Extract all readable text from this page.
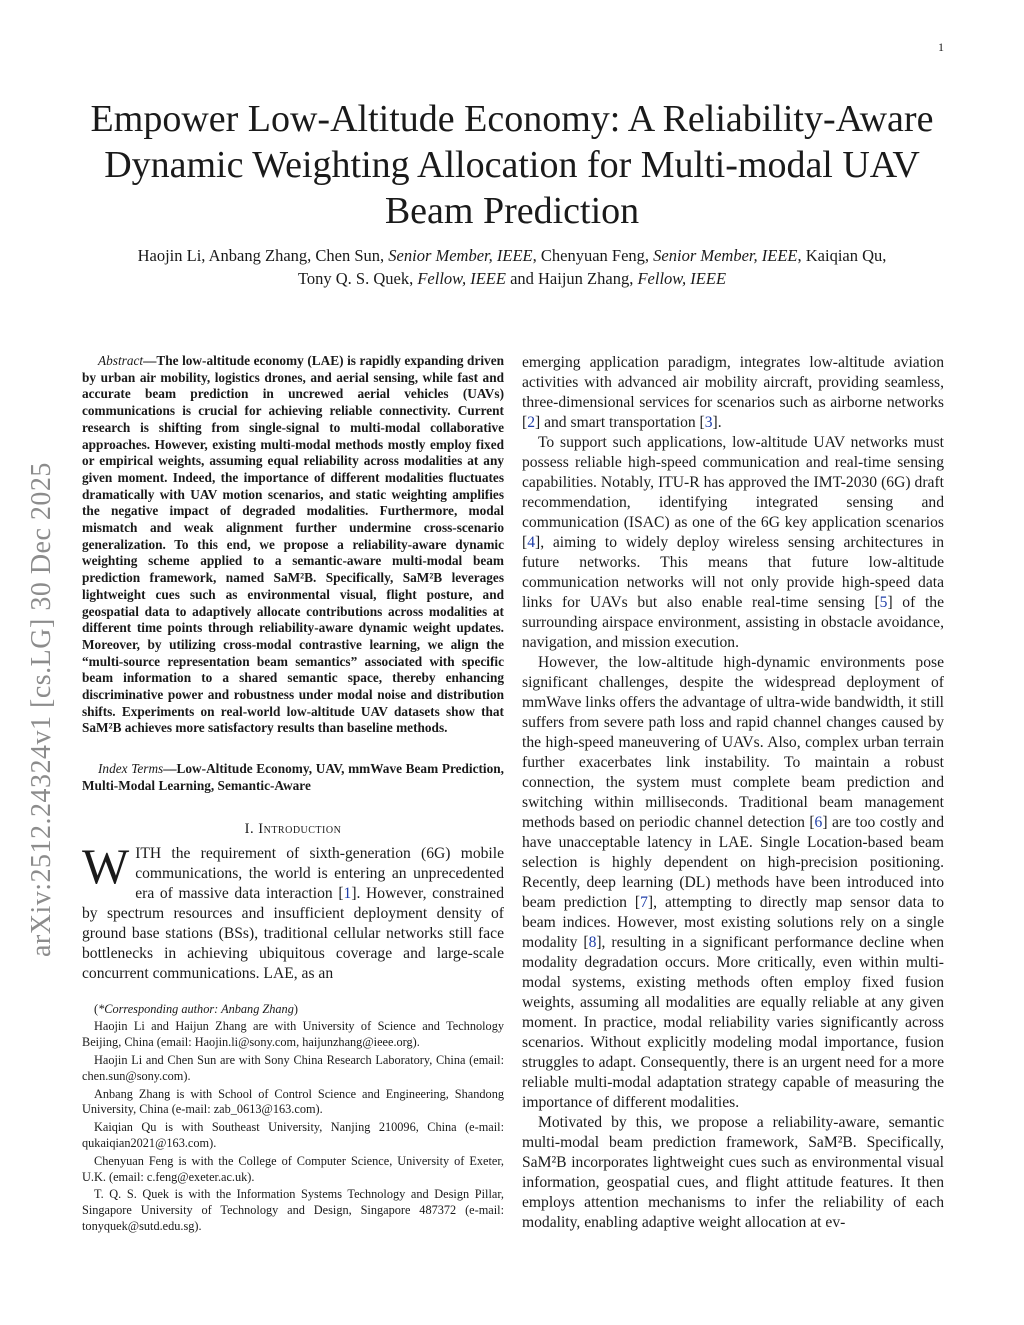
1
arXiv:2512.24324v1 [cs.LG] 30 Dec 2025
Empower Low-Altitude Economy: A Reliability-Aware Dynamic Weighting Allocation for Multi-modal UAV Beam Prediction
Haojin Li, Anbang Zhang, Chen Sun, Senior Member, IEEE, Chenyuan Feng, Senior Member, IEEE, Kaiqian Qu,
Tony Q. S. Quek, Fellow, IEEE and Haijun Zhang, Fellow, IEEE

Abstract—The low-altitude economy (LAE) is rapidly expanding driven by urban air mobility, logistics drones, and aerial sensing, while fast and accurate beam prediction in uncrewed aerial vehicles (UAVs) communications is crucial for achieving reliable connectivity. Current research is shifting from single-signal to multi-modal collaborative approaches. However, existing multi-modal methods mostly employ fixed or empirical weights, assuming equal reliability across modalities at any given moment. Indeed, the importance of different modalities fluctuates dramatically with UAV motion scenarios, and static weighting amplifies the negative impact of degraded modalities. Furthermore, modal mismatch and weak alignment further undermine cross-scenario generalization. To this end, we propose a reliability-aware dynamic weighting scheme applied to a semantic-aware multi-modal beam prediction framework, named SaM²B. Specifically, SaM²B leverages lightweight cues such as environmental visual, flight posture, and geospatial data to adaptively allocate contributions across modalities at different time points through reliability-aware dynamic weight updates. Moreover, by utilizing cross-modal contrastive learning, we align the “multi-source representation beam semantics” associated with specific beam information to a shared semantic space, thereby enhancing discriminative power and robustness under modal noise and distribution shifts. Experiments on real-world low-altitude UAV datasets show that SaM²B achieves more satisfactory results than baseline methods.

Index Terms—Low-Altitude Economy, UAV, mmWave Beam Prediction, Multi-Modal Learning, Semantic-Aware

I. Introduction

WITH the requirement of sixth-generation (6G) mobile communications, the world is entering an unprecedented era of massive data interaction [1]. However, constrained by spectrum resources and insufficient deployment density of ground base stations (BSs), traditional cellular networks still face bottlenecks in achieving ubiquitous coverage and large-scale concurrent communications. LAE, as an

(*Corresponding author: Anbang Zhang)

Haojin Li and Haijun Zhang are with University of Science and Technology Beijing, China (email: Haojin.li@sony.com, haijunzhang@ieee.org).

Haojin Li and Chen Sun are with Sony China Research Laboratory, China (email: chen.sun@sony.com).

Anbang Zhang is with School of Control Science and Engineering, Shandong University, China (e-mail: zab_0613@163.com).

Kaiqian Qu is with Southeast University, Nanjing 210096, China (e-mail: qukaiqian2021@163.com).

Chenyuan Feng is with the College of Computer Science, University of Exeter, U.K. (email: c.feng@exeter.ac.uk).

T. Q. S. Quek is with the Information Systems Technology and Design Pillar, Singapore University of Technology and Design, Singapore 487372 (e-mail: tonyquek@sutd.edu.sg).

emerging application paradigm, integrates low-altitude aviation activities with advanced air mobility aircraft, providing seamless, three-dimensional services for scenarios such as airborne networks [2] and smart transportation [3].

To support such applications, low-altitude UAV networks must possess reliable high-speed communication and real-time sensing capabilities. Notably, ITU-R has approved the IMT-2030 (6G) draft recommendation, identifying integrated sensing and communication (ISAC) as one of the 6G key application scenarios [4], aiming to widely deploy wireless sensing architectures in future networks. This means that future low-altitude communication networks will not only provide high-speed data links for UAVs but also enable real-time sensing [5] of the surrounding airspace environment, assisting in obstacle avoidance, navigation, and mission execution.

However, the low-altitude high-dynamic environments pose significant challenges, despite the widespread deployment of mmWave links offers the advantage of ultra-wide bandwidth, it still suffers from severe path loss and rapid channel changes caused by the high-speed maneuvering of UAVs. Also, complex urban terrain further exacerbates link instability. To maintain a robust connection, the system must complete beam prediction and switching within milliseconds. Traditional beam management methods based on periodic channel detection [6] are too costly and have unacceptable latency in LAE. Single Location-based beam selection is highly dependent on high-precision positioning. Recently, deep learning (DL) methods have been introduced into beam prediction [7], attempting to directly map sensor data to beam indices. However, most existing solutions rely on a single modality [8], resulting in a significant performance decline when modality degradation occurs. More critically, even within multi-modal systems, existing methods often employ fixed fusion weights, assuming all modalities are equally reliable at any given moment. In practice, modal reliability varies significantly across scenarios. Without explicitly modeling modal importance, fusion struggles to adapt. Consequently, there is an urgent need for a more reliable multi-modal adaptation strategy capable of measuring the importance of different modalities.

Motivated by this, we propose a reliability-aware, semantic multi-modal beam prediction framework, SaM²B. Specifically, SaM²B incorporates lightweight cues such as environmental visual information, geospatial cues, and flight attitude features. It then employs attention mechanisms to infer the reliability of each modality, enabling adaptive weight allocation at ev-
